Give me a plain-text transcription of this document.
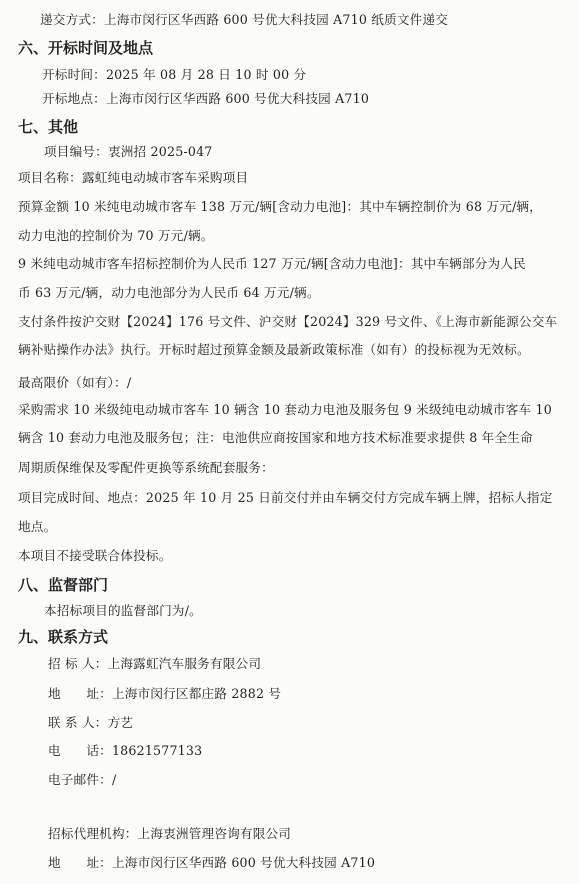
递交方式：上海市闵行区华西路 600 号优大科技园 A710 纸质文件递交
六、开标时间及地点
开标时间：2025 年 08 月 28 日 10 时 00 分
开标地点：上海市闵行区华西路 600 号优大科技园 A710
七、其他
项目编号：衷洲招 2025-047
项目名称：露虹纯电动城市客车采购项目
预算金额 10 米纯电动城市客车 138 万元/辆[含动力电池]：其中车辆控制价为 68 万元/辆，
动力电池的控制价为 70 万元/辆。
9 米纯电动城市客车招标控制价为人民币 127 万元/辆[含动力电池]：其中车辆部分为人民
币 63 万元/辆，动力电池部分为人民币 64 万元/辆。
支付条件按沪交财【2024】176 号文件、沪交财【2024】329 号文件、《上海市新能源公交车
辆补贴操作办法》执行。开标时超过预算金额及最新政策标准（如有）的投标视为无效标。
最高限价（如有）：/
采购需求 10 米级纯电动城市客车 10 辆含 10 套动力电池及服务包 9 米级纯电动城市客车 10
辆含 10 套动力电池及服务包；注：电池供应商按国家和地方技术标准要求提供 8 年全生命
周期质保维保及零配件更换等系统配套服务：
项目完成时间、地点：2025 年 10 月 25 日前交付并由车辆交付方完成车辆上牌，招标人指定
地点。
本项目不接受联合体投标。
八、监督部门
本招标项目的监督部门为/。
九、联系方式
招 标 人：上海露虹汽车服务有限公司
地　　址：上海市闵行区都庄路 2882 号
联 系 人：方艺
电　　话：18621577133
电子邮件：/
招标代理机构：上海衷洲管理咨询有限公司
地　　址：上海市闵行区华西路 600 号优大科技园 A710
